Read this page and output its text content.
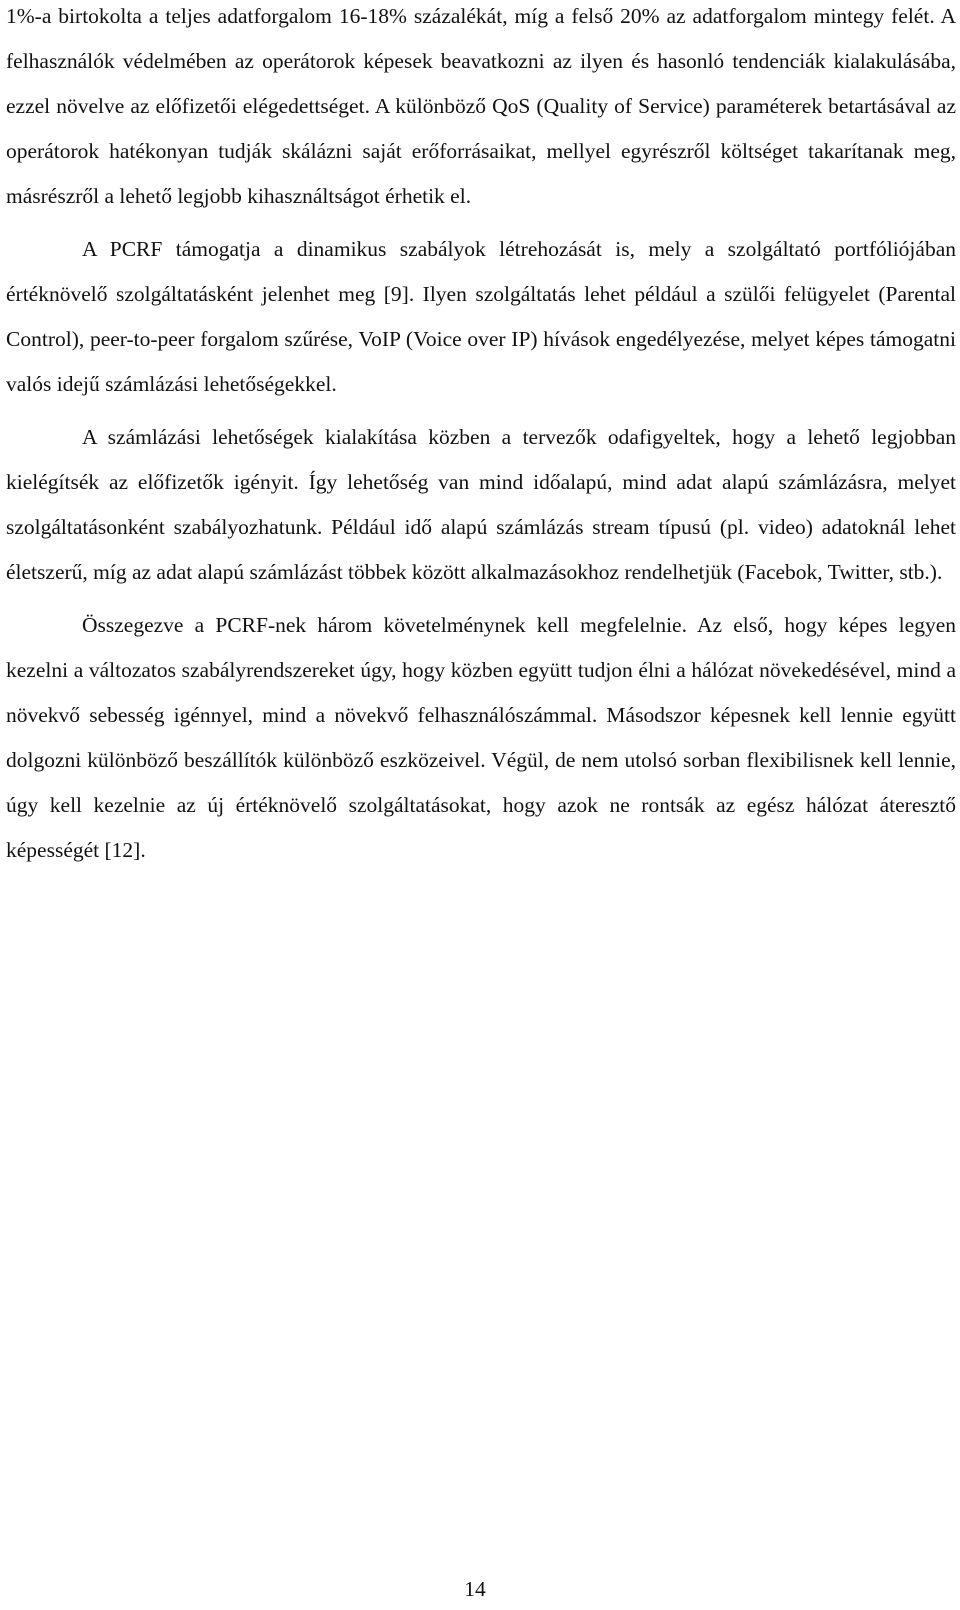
1%-a birtokolta a teljes adatforgalom 16-18% százalékát, míg a felső 20% az adatforgalom mintegy felét. A felhasználók védelmében az operátorok képesek beavatkozni az ilyen és hasonló tendenciák kialakulásába, ezzel növelve az előfizetői elégedettséget. A különböző QoS (Quality of Service) paraméterek betartásával az operátorok hatékonyan tudják skálázni saját erőforrásaikat, mellyel egyrészről költséget takarítanak meg, másrészről a lehető legjobb kihasználtságot érhetik el.

A PCRF támogatja a dinamikus szabályok létrehozását is, mely a szolgáltató portfóliójában értéknövelő szolgáltatásként jelenhet meg [9]. Ilyen szolgáltatás lehet például a szülői felügyelet (Parental Control), peer-to-peer forgalom szűrése, VoIP (Voice over IP) hívások engedélyezése, melyet képes támogatni valós idejű számlázási lehetőségekkel.

A számlázási lehetőségek kialakítása közben a tervezők odafigyeltek, hogy a lehető legjobban kielégítsék az előfizetők igényit. Így lehetőség van mind időalapú, mind adat alapú számlázásra, melyet szolgáltatásonként szabályozhatunk. Például idő alapú számlázás stream típusú (pl. video) adatoknál lehet életszerű, míg az adat alapú számlázást többek között alkalmazásokhoz rendelhetjük (Facebok, Twitter, stb.).

Összegezve a PCRF-nek három követelménynek kell megfelelnie. Az első, hogy képes legyen kezelni a változatos szabályrendszereket úgy, hogy közben együtt tudjon élni a hálózat növekedésével, mind a növekvő sebesség igénnyel, mind a növekvő felhasználószámmal. Másodszor képesnek kell lennie együtt dolgozni különböző beszállítók különböző eszközeivel. Végül, de nem utolsó sorban flexibilisnek kell lennie, úgy kell kezelnie az új értéknövelő szolgáltatásokat, hogy azok ne rontsák az egész hálózat áteresztő képességét [12].

14
